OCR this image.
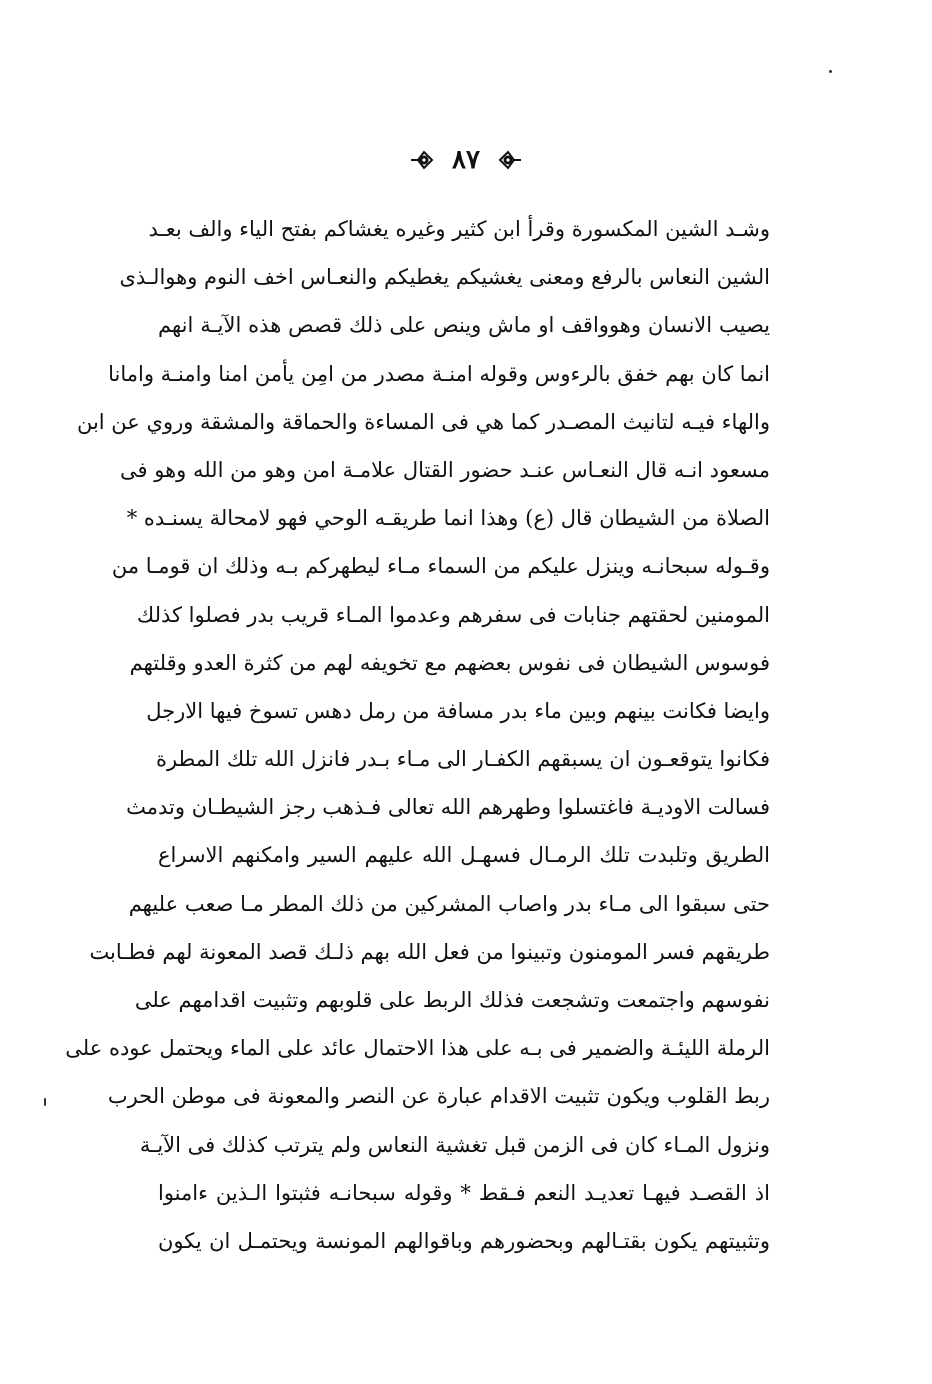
٨٧
وشـد الشين المكسورة وقرأ ابن كثير وغيره يغشاكم بفتح الياء والف بعـد
الشين النعاس بالرفع ومعنى يغشيكم يغطيكم والنعـاس اخف النوم وهوالـذى
يصيب الانسان وهوواقف او ماش وينص على ذلك قصص هذه الآيـة انهم
انما كان بهم خفق بالرءوس وقوله امنـة مصدر من امِن يأمن امنا وامنـة وامانا
والهاء فيـه لتانيث المصـدر كما هي فى المساءة والحماقة والمشقة وروي عن ابن
مسعود انـه قال النعـاس عنـد حضور القتال علامـة امن وهو من الله وهو فى
الصلاة من الشيطان قال (ع) وهذا انما طريقـه الوحي فهو لامحالة يسنـده *
وقـوله سبحانـه وينزل عليكم من السماء مـاء ليطهركم بـه وذلك ان قومـا من
المومنين لحقتهم جنابات فى سفرهم وعدموا المـاء قريب بدر فصلوا كذلك
فوسوس الشيطان فى نفوس بعضهم مع تخويفه لهم من كثرة العدو وقلتهم
وايضا فكانت بينهم وبين ماء بدر مسافة من رمل دهس تسوخ فيها الارجل
فكانوا يتوقعـون ان يسبقهم الكفـار الى مـاء بـدر فانزل الله تلك المطرة
فسالت الاوديـة فاغتسلوا وطهرهم الله تعالى فـذهب رجز الشيطـان وتدمث
الطريق وتلبدت تلك الرمـال فسهـل الله عليهم السير وامكنهم الاسراع
حتى سبقوا الى مـاء بدر واصاب المشركين من ذلك المطر مـا صعب عليهم
طريقهم فسر المومنون وتبينوا من فعل الله بهم ذلـك قصد المعونة لهم فطـابت
نفوسهم واجتمعت وتشجعت فذلك الربط على قلوبهم وتثبيت اقدامهم على
الرملة الليئـة والضمير فى بـه على هذا الاحتمال عائد على الماء ويحتمل عوده على
ربط القلوب ويكون تثبيت الاقدام عبارة عن النصر والمعونة فى موطن الحرب
ونزول المـاء كان فى الزمن قبل تغشية النعاس ولم يترتب كذلك فى الآيـة
اذ القصـد فيهـا تعديـد النعم فـقط * وقوله سبحانـه فثبتوا الـذين ءامنوا
وتثبيتهم يكون بقتـالهم وبحضورهم وباقوالهم المونسة ويحتمـل ان يكون
